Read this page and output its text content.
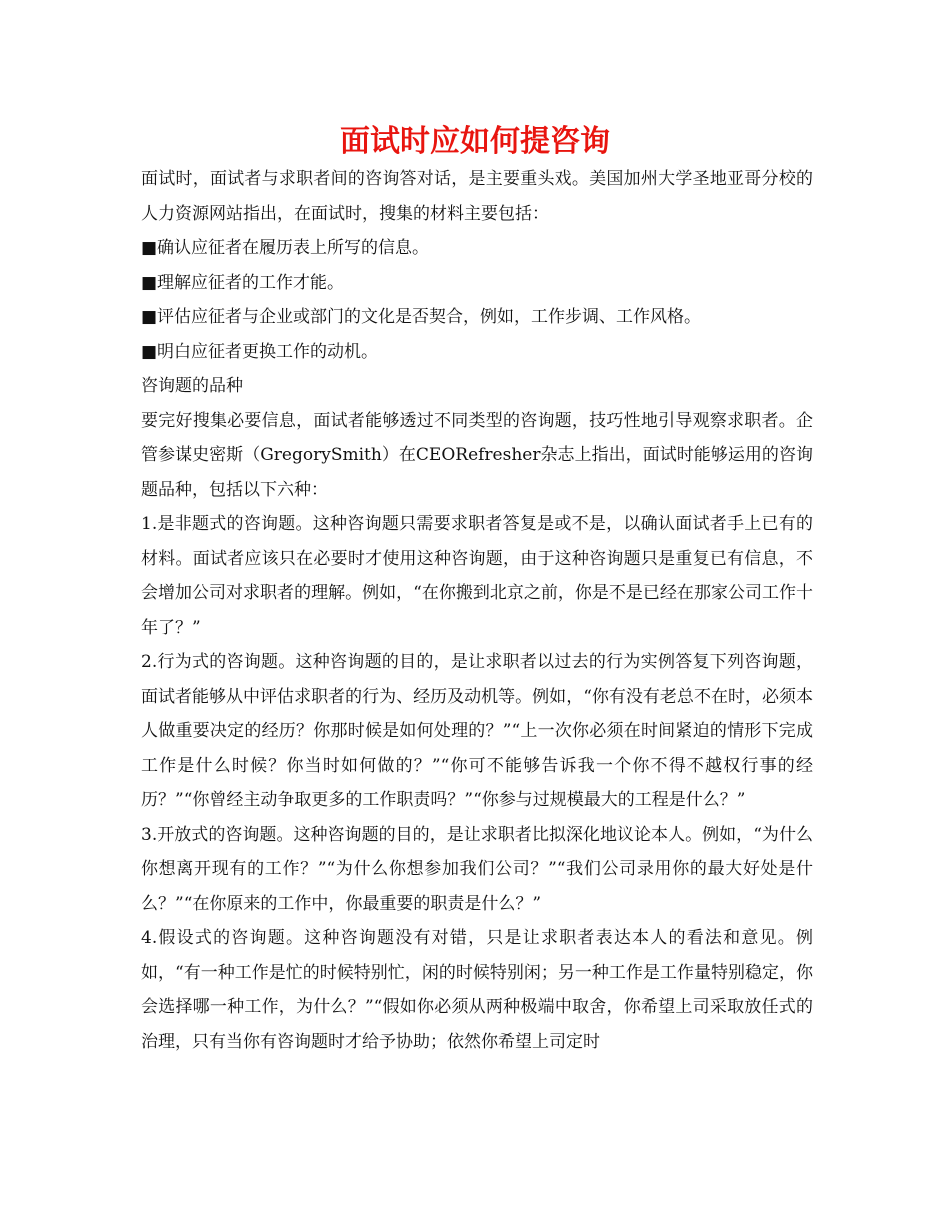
面试时应如何提咨询

面试时，面试者与求职者间的咨询答对话，是主要重头戏。美国加州大学圣地亚哥分校的人力资源网站指出，在面试时，搜集的材料主要包括：

■确认应征者在履历表上所写的信息。

■理解应征者的工作才能。

■评估应征者与企业或部门的文化是否契合，例如，工作步调、工作风格。

■明白应征者更换工作的动机。

咨询题的品种

要完好搜集必要信息，面试者能够透过不同类型的咨询题，技巧性地引导观察求职者。企管参谋史密斯（GregorySmith）在CEORefresher杂志上指出，面试时能够运用的咨询题品种，包括以下六种：

1.是非题式的咨询题。这种咨询题只需要求职者答复是或不是，以确认面试者手上已有的材料。面试者应该只在必要时才使用这种咨询题，由于这种咨询题只是重复已有信息，不会增加公司对求职者的理解。例如，“在你搬到北京之前，你是不是已经在那家公司工作十年了？”

2.行为式的咨询题。这种咨询题的目的，是让求职者以过去的行为实例答复下列咨询题，面试者能够从中评估求职者的行为、经历及动机等。例如，“你有没有老总不在时，必须本人做重要决定的经历？你那时候是如何处理的？”“上一次你必须在时间紧迫的情形下完成工作是什么时候？你当时如何做的？”“你可不能够告诉我一个你不得不越权行事的经历？”“你曾经主动争取更多的工作职责吗？”“你参与过规模最大的工程是什么？”

3.开放式的咨询题。这种咨询题的目的，是让求职者比拟深化地议论本人。例如，“为什么你想离开现有的工作？”“为什么你想参加我们公司？”“我们公司录用你的最大好处是什么？”“在你原来的工作中，你最重要的职责是什么？”

4.假设式的咨询题。这种咨询题没有对错，只是让求职者表达本人的看法和意见。例如，“有一种工作是忙的时候特别忙，闲的时候特别闲；另一种工作是工作量特别稳定，你会选择哪一种工作，为什么？”“假如你必须从两种极端中取舍，你希望上司采取放任式的治理，只有当你有咨询题时才给予协助；依然你希望上司定时
